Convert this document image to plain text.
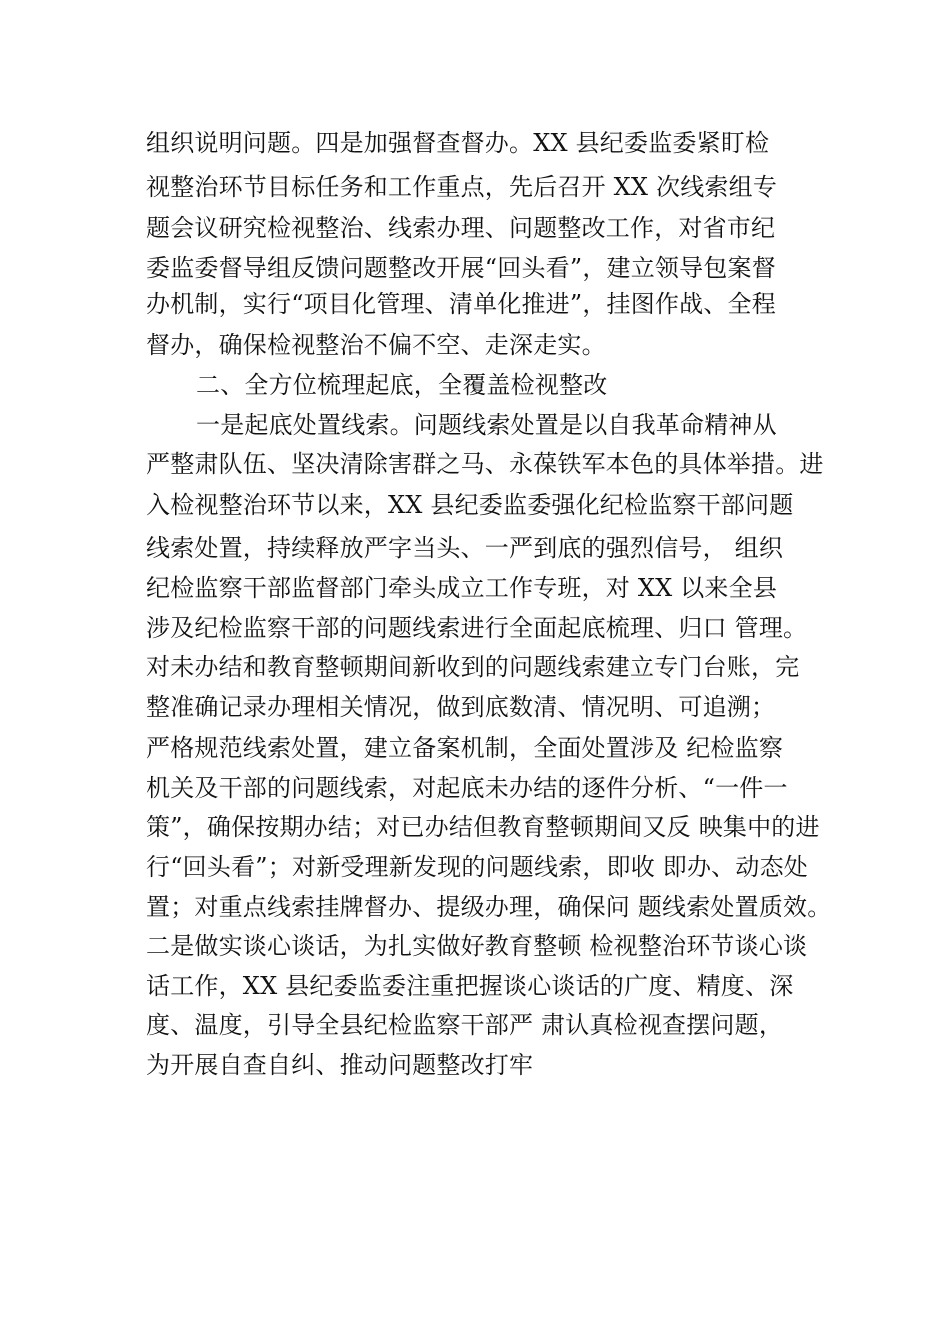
组织说明问题。四是加强督查督办。XX 县纪委监委紧盯检
视整治环节目标任务和工作重点，先后召开 XX 次线索组专
题会议研究检视整治、线索办理、问题整改工作，对省市纪
委监委督导组反馈问题整改开展“回头看”，建立领导包案督
办机制，实行“项目化管理、清单化推进”，挂图作战、全程
督办，确保检视整治不偏不空、走深走实。
二、全方位梳理起底，全覆盖检视整改
一是起底处置线索。问题线索处置是以自我革命精神从
严整肃队伍、坚决清除害群之马、永葆铁军本色的具体举措。进
入检视整治环节以来，XX 县纪委监委强化纪检监察干部问题
线索处置，持续释放严字当头、一严到底的强烈信号， 组织
纪检监察干部监督部门牵头成立工作专班，对 XX 以来全县
涉及纪检监察干部的问题线索进行全面起底梳理、归口 管理。
对未办结和教育整顿期间新收到的问题线索建立专门台账，完
整准确记录办理相关情况，做到底数清、情况明、可追溯；
严格规范线索处置，建立备案机制，全面处置涉及 纪检监察
机关及干部的问题线索，对起底未办结的逐件分析、“一件一
策”，确保按期办结；对已办结但教育整顿期间又反 映集中的进
行“回头看”；对新受理新发现的问题线索，即收 即办、动态处
置；对重点线索挂牌督办、提级办理，确保问 题线索处置质效。
二是做实谈心谈话，为扎实做好教育整顿 检视整治环节谈心谈
话工作，XX 县纪委监委注重把握谈心谈话的广度、精度、深
度、温度，引导全县纪检监察干部严 肃认真检视查摆问题，
为开展自查自纠、推动问题整改打牢
